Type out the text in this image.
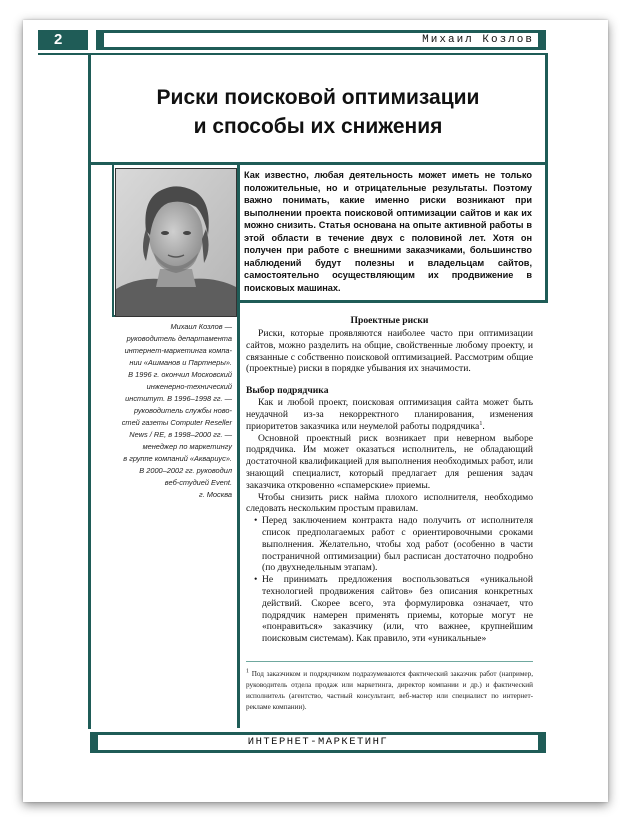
2	Михаил Козлов
Риски поисковой оптимизации
и способы их снижения
Как известно, любая деятельность может иметь не только положительные, но и отрицательные результаты. Поэтому важно понимать, какие именно риски возникают при выполнении проекта поисковой оптимизации сайтов и как их можно снизить. Статья основана на опыте активной работы в этой области в течение двух с половиной лет. Хотя он получен при работе с внешними заказчиками, большинство наблюдений будут полезны и владельцам сайтов, самостоятельно осуществляющим их продвижение в поисковых машинах.
Михаил Козлов —
руководитель департамента
интернет-маркетинга компа-
нии «Ашманов и Партнеры».
В 1996 г. окончил Московский
инженерно-технический
институт. В 1996–1998 гг. —
руководитель службы ново-
стей газеты Computer Reseller
News / RE, в 1998–2000 гг. —
менеджер по маркетингу
в группе компаний «Аквариус».
В 2000–2002 гг. руководил
веб-студией Event.
г. Москва
Проектные риски

Риски, которые проявляются наиболее часто при оптимизации сайтов, можно разделить на общие, свойственные любому проекту, и связанные с собственно поисковой оптимизацией. Рассмотрим общие (проектные) риски в порядке убывания их значимости.

Выбор подрядчика

Как и любой проект, поисковая оптимизация сайта может быть неудачной из-за некорректного планирования, изменения приоритетов заказчика или неумелой работы подрядчика$^1$.

Основной проектный риск возникает при неверном выборе подрядчика. Им может оказаться исполнитель, не обладающий достаточной квалификацией для выполнения необходимых работ, или знающий специалист, который предлагает для решения задач заказчика откровенно «спамерские» приемы.

Чтобы снизить риск найма плохого исполнителя, необходимо следовать нескольким простым правилам.

• Перед заключением контракта надо получить от исполнителя список предполагаемых работ с ориентировочными сроками выполнения. Желательно, чтобы ход работ (особенно в части постраничной оптимизации) был расписан достаточно подробно (по двухнедельным этапам).
• Не принимать предложения воспользоваться «уникальной технологией продвижения сайтов» без описания конкретных действий. Скорее всего, эта формулировка означает, что подрядчик намерен применять приемы, которые могут не «понравиться» заказчику (или, что важнее, крупнейшим поисковым системам). Как правило, эти «уникальные»
$^1$ Под заказчиком и подрядчиком подразумеваются фактический заказчик работ (например, руководитель отдела продаж или маркетинга, директор компании и др.) и фактический исполнитель (агентство, частный консультант, веб-мастер или специалист по интернет-рекламе компании).
ИНТЕРНЕТ-МАРКЕТИНГ
